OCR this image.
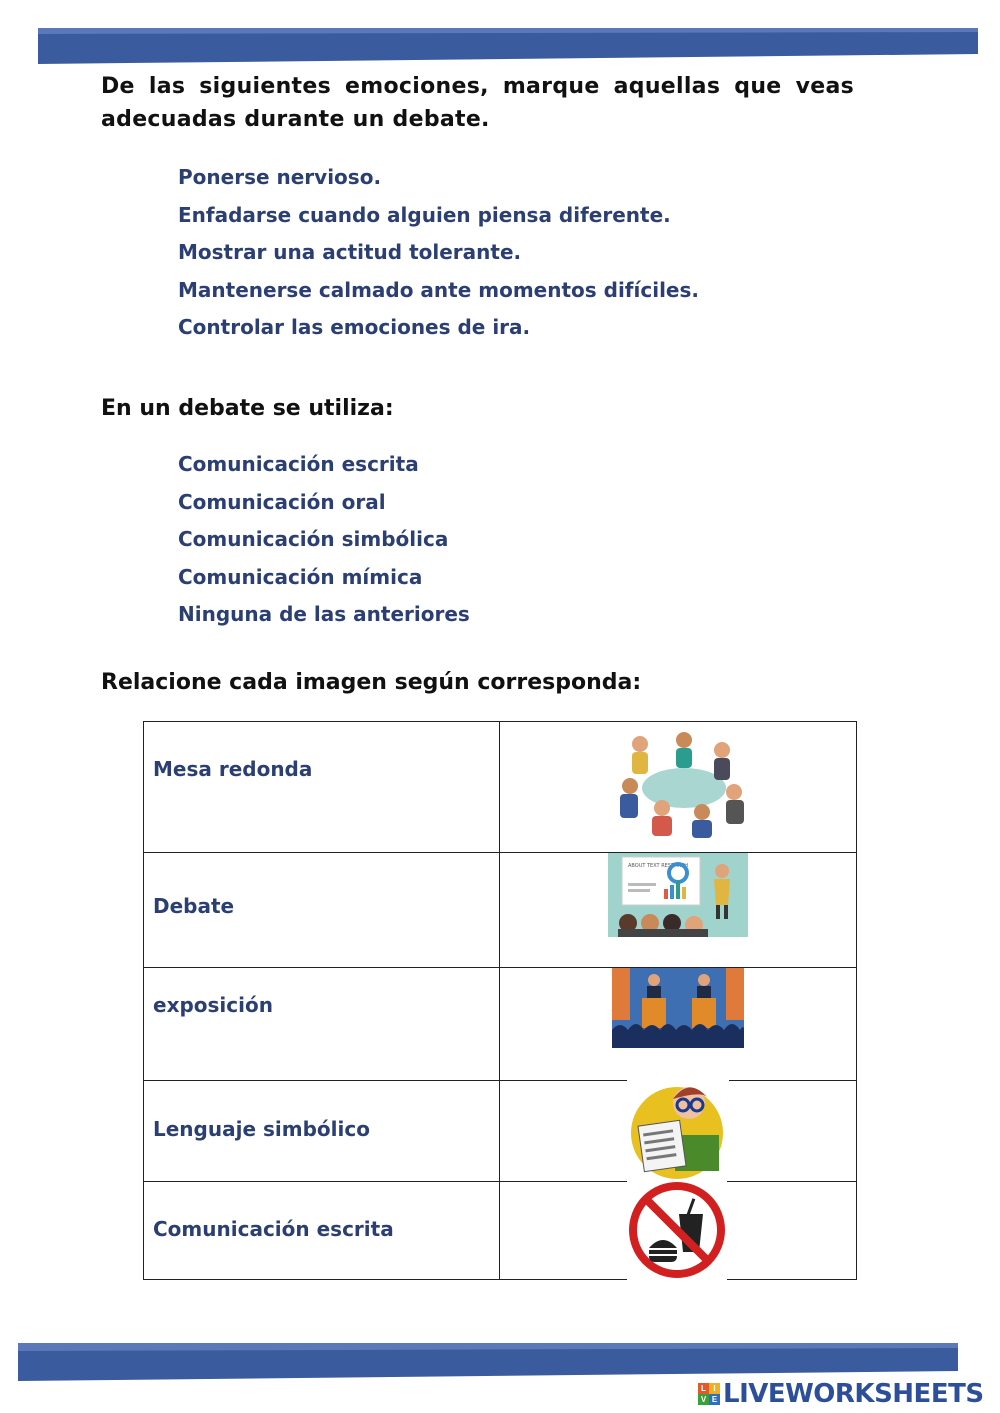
De las siguientes emociones, marque aquellas que veas adecuadas durante un debate.
Ponerse nervioso.
Enfadarse cuando alguien piensa diferente.
Mostrar una actitud tolerante.
Mantenerse calmado ante momentos difíciles.
Controlar las emociones de ira.
En un debate se utiliza:
Comunicación escrita
Comunicación oral
Comunicación simbólica
Comunicación mímica
Ninguna de las anteriores
Relacione cada imagen según corresponda:
Mesa redonda

Debate	ABOUT TEXT RESEARCH

exposición

Lenguaje simbólico

Comunicación escrita

L I
V E LIVEWORKSHEETS
